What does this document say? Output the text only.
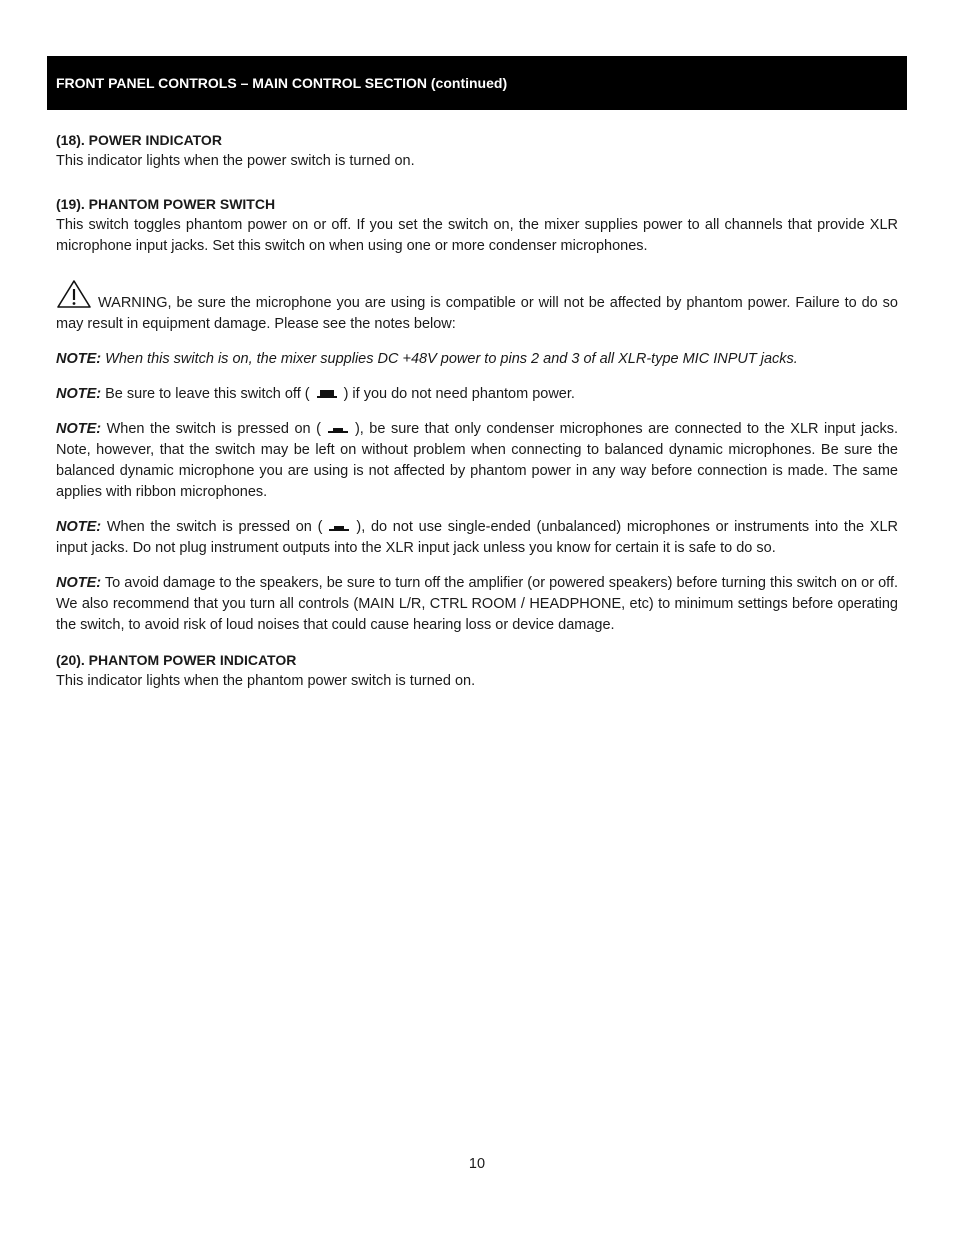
FRONT PANEL CONTROLS – MAIN CONTROL SECTION (continued)
(18). POWER INDICATOR

This indicator lights when the power switch is turned on.

(19). PHANTOM POWER SWITCH

This switch toggles phantom power on or off. If you set the switch on, the mixer supplies power to all channels that provide XLR microphone input jacks. Set this switch on when using one or more condenser microphones.

WARNING, be sure the microphone you are using is compatible or will not be affected by phantom power. Failure to do so may result in equipment damage. Please see the notes below:

NOTE: When this switch is on, the mixer supplies DC +48V power to pins 2 and 3 of all XLR-type MIC INPUT jacks.

NOTE: Be sure to leave this switch off ( ) if you do not need phantom power.

NOTE: When the switch is pressed on ( ), be sure that only condenser microphones are connected to the XLR input jacks. Note, however, that the switch may be left on without problem when connecting to balanced dynamic microphones. Be sure the balanced dynamic microphone you are using is not affected by phantom power in any way before connection is made. The same applies with ribbon microphones.

NOTE: When the switch is pressed on ( ), do not use single-ended (unbalanced) microphones or instruments into the XLR input jacks. Do not plug instrument outputs into the XLR input jack unless you know for certain it is safe to do so.

NOTE: To avoid damage to the speakers, be sure to turn off the amplifier (or powered speakers) before turning this switch on or off. We also recommend that you turn all controls (MAIN L/R, CTRL ROOM / HEADPHONE, etc) to minimum settings before operating the switch, to avoid risk of loud noises that could cause hearing loss or device damage.

(20). PHANTOM POWER INDICATOR

This indicator lights when the phantom power switch is turned on.

10
